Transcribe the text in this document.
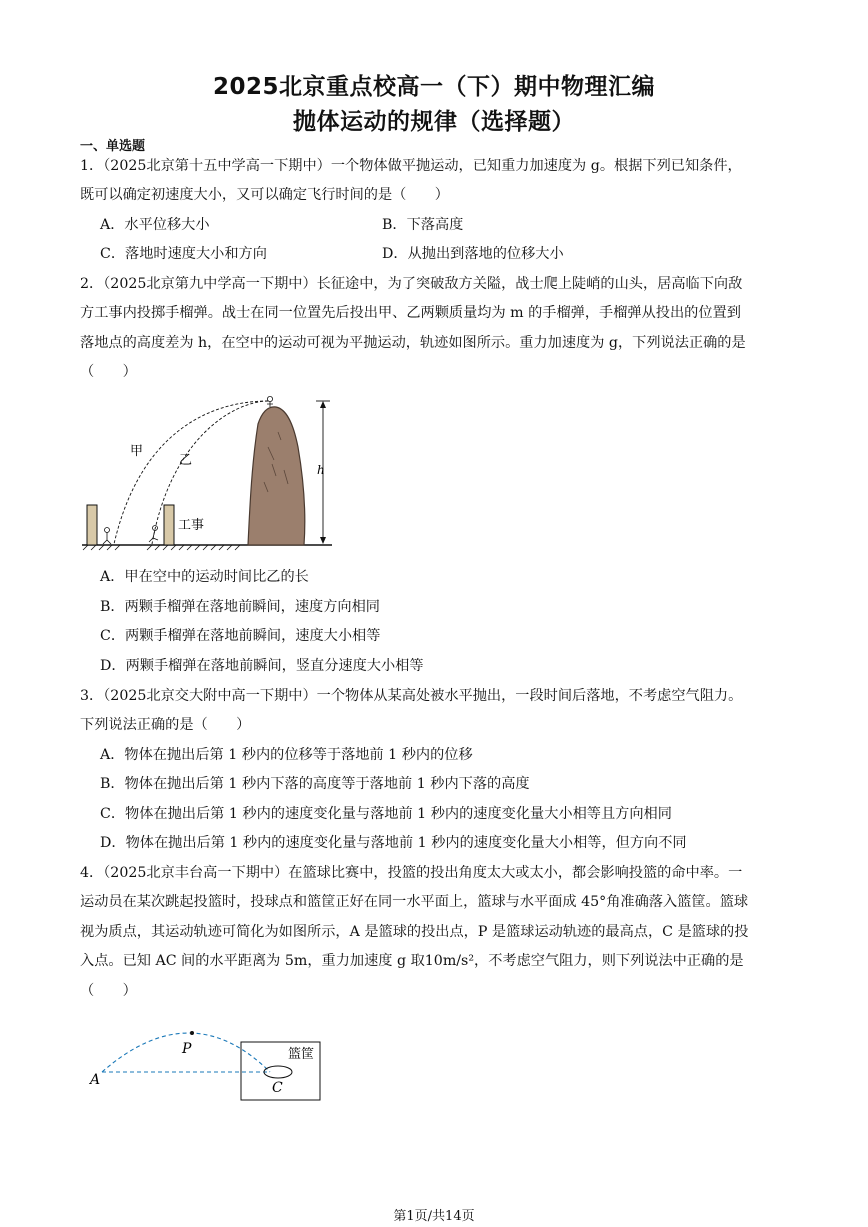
2025北京重点校高一（下）期中物理汇编
抛体运动的规律（选择题）
一、单选题
1．（2025北京第十五中学高一下期中）一个物体做平抛运动，已知重力加速度为 g。根据下列已知条件，
既可以确定初速度大小，又可以确定飞行时间的是（　　）
A．水平位移大小	B．下落高度
C．落地时速度大小和方向	D．从抛出到落地的位移大小
2．（2025北京第九中学高一下期中）长征途中，为了突破敌方关隘，战士爬上陡峭的山头，居高临下向敌
方工事内投掷手榴弹。战士在同一位置先后投出甲、乙两颗质量均为 m 的手榴弹，手榴弹从投出的位置到
落地点的高度差为 h，在空中的运动可视为平抛运动，轨迹如图所示。重力加速度为 g，下列说法正确的是
（　　）
甲
乙
h
工事
A．甲在空中的运动时间比乙的长
B．两颗手榴弹在落地前瞬间，速度方向相同
C．两颗手榴弹在落地前瞬间，速度大小相等
D．两颗手榴弹在落地前瞬间，竖直分速度大小相等
3．（2025北京交大附中高一下期中）一个物体从某高处被水平抛出，一段时间后落地，不考虑空气阻力。
下列说法正确的是（　　）
A．物体在抛出后第 1 秒内的位移等于落地前 1 秒内的位移
B．物体在抛出后第 1 秒内下落的高度等于落地前 1 秒内下落的高度
C．物体在抛出后第 1 秒内的速度变化量与落地前 1 秒内的速度变化量大小相等且方向相同
D．物体在抛出后第 1 秒内的速度变化量与落地前 1 秒内的速度变化量大小相等，但方向不同
4．（2025北京丰台高一下期中）在篮球比赛中，投篮的投出角度太大或太小，都会影响投篮的命中率。一
运动员在某次跳起投篮时，投球点和篮筐正好在同一水平面上，篮球与水平面成 45°角准确落入篮筐。篮球
视为质点，其运动轨迹可简化为如图所示，A 是篮球的投出点，P 是篮球运动轨迹的最高点，C 是篮球的投
入点。已知 AC 间的水平距离为 5m，重力加速度 g 取10m/s²，不考虑空气阻力，则下列说法中正确的是
（　　）
A
P
C
篮筐
第1页/共14页
